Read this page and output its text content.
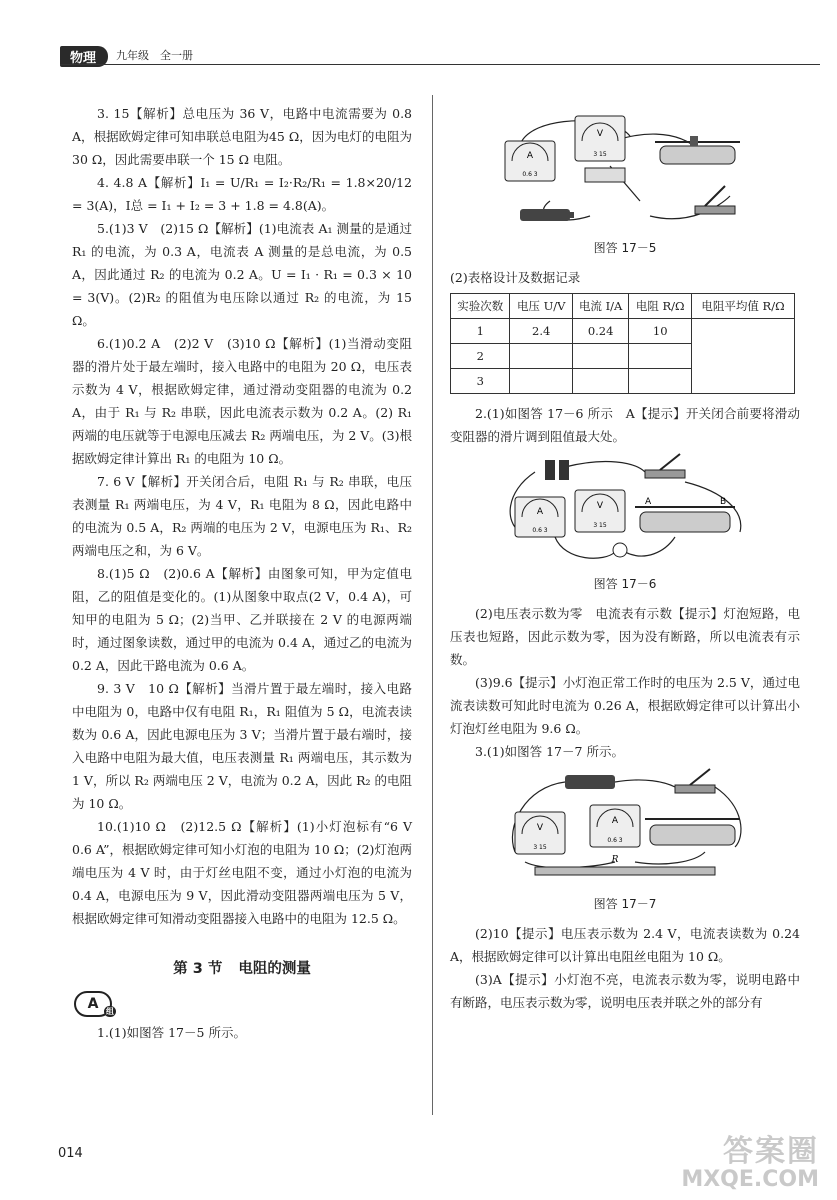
物理	九年级　全一册

3. 15【解析】总电压为 36 V，电路中电流需要为 0.8 A，根据欧姆定律可知串联总电阻为45 Ω，因为电灯的电阻为 30 Ω，因此需要串联一个 15 Ω 电阻。

4. 4.8 A【解析】I₁ = U/R₁ = I₂·R₂/R₁ = 1.8×20/12 = 3(A)，I总 = I₁ + I₂ = 3 + 1.8 = 4.8(A)。

5.(1)3 V　(2)15 Ω【解析】(1)电流表 A₁ 测量的是通过 R₁ 的电流，为 0.3 A，电流表 A 测量的是总电流，为 0.5 A，因此通过 R₂ 的电流为 0.2 A。U = I₁ · R₁ = 0.3 × 10 = 3(V)。(2)R₂ 的阻值为电压除以通过 R₂ 的电流，为 15 Ω。

6.(1)0.2 A　(2)2 V　(3)10 Ω【解析】(1)当滑动变阻器的滑片处于最左端时，接入电路中的电阻为 20 Ω，电压表示数为 4 V，根据欧姆定律，通过滑动变阻器的电流为 0.2 A，由于 R₁ 与 R₂ 串联，因此电流表示数为 0.2 A。(2) R₁ 两端的电压就等于电源电压减去 R₂ 两端电压，为 2 V。(3)根据欧姆定律计算出 R₁ 的电阻为 10 Ω。

7. 6 V【解析】开关闭合后，电阻 R₁ 与 R₂ 串联，电压表测量 R₁ 两端电压，为 4 V，R₁ 电阻为 8 Ω，因此电路中的电流为 0.5 A，R₂ 两端的电压为 2 V，电源电压为 R₁、R₂ 两端电压之和，为 6 V。

8.(1)5 Ω　(2)0.6 A【解析】由图象可知，甲为定值电阻，乙的阻值是变化的。(1)从图象中取点(2 V，0.4 A)，可知甲的电阻为 5 Ω；(2)当甲、乙并联接在 2 V 的电源两端时，通过图象读数，通过甲的电流为 0.4 A，通过乙的电流为 0.2 A，因此干路电流为 0.6 A。

9. 3 V　10 Ω【解析】当滑片置于最左端时，接入电路中电阻为 0，电路中仅有电阻 R₁，R₁ 阻值为 5 Ω，电流表读数为 0.6 A，因此电源电压为 3 V；当滑片置于最右端时，接入电路中电阻为最大值，电压表测量 R₁ 两端电压，其示数为 1 V，所以 R₂ 两端电压 2 V，电流为 0.2 A，因此 R₂ 的电阻为 10 Ω。

10.(1)10 Ω　(2)12.5 Ω【解析】(1)小灯泡标有“6 V 0.6 A”，根据欧姆定律可知小灯泡的电阻为 10 Ω；(2)灯泡两端电压为 4 V 时，由于灯丝电阻不变，通过小灯泡的电流为0.4 A，电源电压为 9 V，因此滑动变阻器两端电压为 5 V，根据欧姆定律可知滑动变阻器接入电路中的电阻为 12.5 Ω。

第 3 节 电阻的测量
A 组

1.(1)如图答 17－5 所示。

A
0.6 3
V
3 15
图答 17－5

(2)表格设计及数据记录

实验次数	电压 U/V	电流 I/A	电阻 R/Ω	电阻平均值 R/Ω
1	2.4	0.24	10	
2				
3				

2.(1)如图答 17－6 所示　A【提示】开关闭合前要将滑动变阻器的滑片调到阻值最大处。

A
0.6 3
V
3 15
A	B
图答 17－6

(2)电压表示数为零　电流表有示数【提示】灯泡短路，电压表也短路，因此示数为零，因为没有断路，所以电流表有示数。

(3)9.6【提示】小灯泡正常工作时的电压为 2.5 V，通过电流表读数可知此时电流为 0.26 A，根据欧姆定律可以计算出小灯泡灯丝电阻为 9.6 Ω。

3.(1)如图答 17－7 所示。

V
3 15
A
0.6 3
R
图答 17－7

(2)10【提示】电压表示数为 2.4 V，电流表读数为 0.24 A，根据欧姆定律可以计算出电阻丝电阻为 10 Ω。

(3)A【提示】小灯泡不亮，电流表示数为零，说明电路中有断路，电压表示数为零，说明电压表并联之外的部分有

014	答案圈
MXQE.COM
